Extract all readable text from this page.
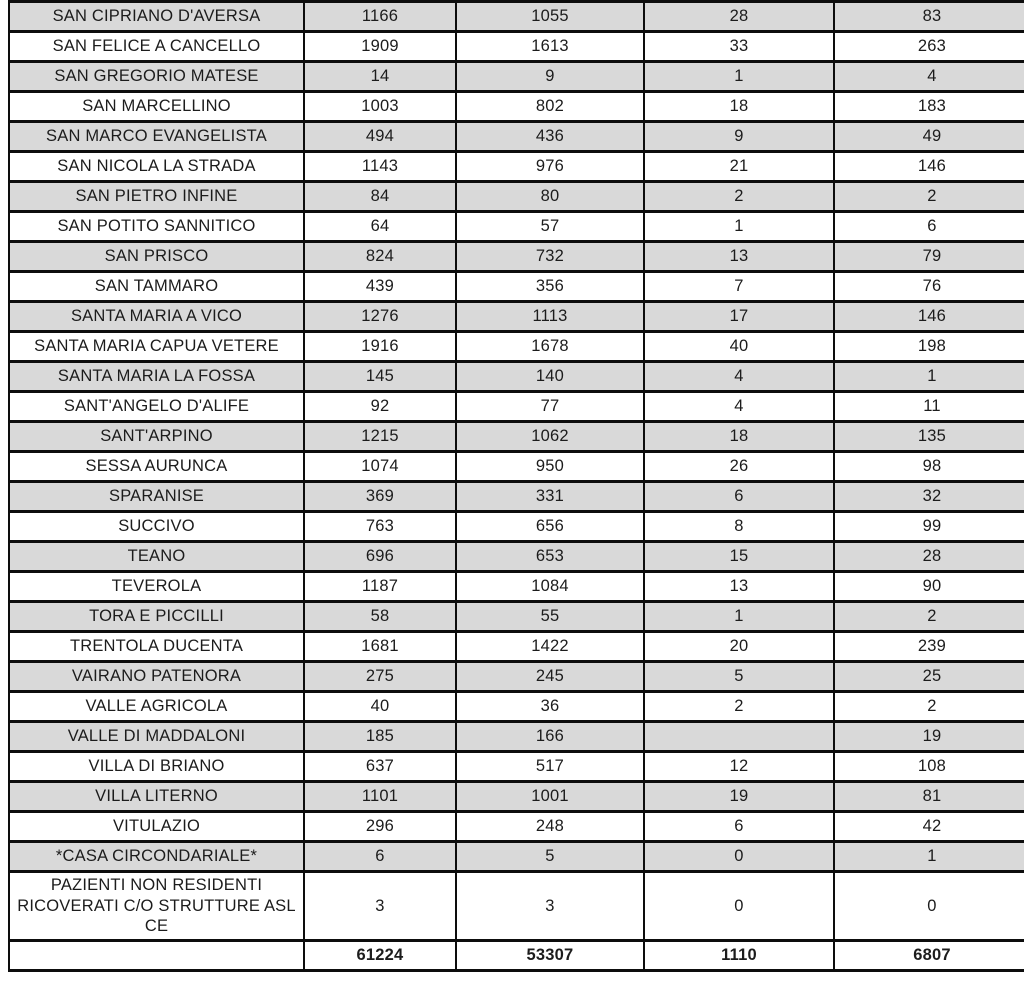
SAN CIPRIANO D'AVERSA	1166	1055	28	83
SAN FELICE A CANCELLO	1909	1613	33	263
SAN GREGORIO MATESE	14	9	1	4
SAN MARCELLINO	1003	802	18	183
SAN MARCO EVANGELISTA	494	436	9	49
SAN NICOLA LA STRADA	1143	976	21	146
SAN PIETRO INFINE	84	80	2	2
SAN POTITO SANNITICO	64	57	1	6
SAN PRISCO	824	732	13	79
SAN TAMMARO	439	356	7	76
SANTA MARIA A VICO	1276	1113	17	146
SANTA MARIA CAPUA VETERE	1916	1678	40	198
SANTA MARIA LA FOSSA	145	140	4	1
SANT'ANGELO D'ALIFE	92	77	4	11
SANT'ARPINO	1215	1062	18	135
SESSA AURUNCA	1074	950	26	98
SPARANISE	369	331	6	32
SUCCIVO	763	656	8	99
TEANO	696	653	15	28
TEVEROLA	1187	1084	13	90
TORA E PICCILLI	58	55	1	2
TRENTOLA DUCENTA	1681	1422	20	239
VAIRANO PATENORA	275	245	5	25
VALLE AGRICOLA	40	36	2	2
VALLE DI MADDALONI	185	166		19
VILLA DI BRIANO	637	517	12	108
VILLA LITERNO	1101	1001	19	81
VITULAZIO	296	248	6	42
*CASA CIRCONDARIALE*	6	5	0	1
PAZIENTI NON RESIDENTI RICOVERATI C/O STRUTTURE ASL CE	3	3	0	0
	61224	53307	1110	6807
